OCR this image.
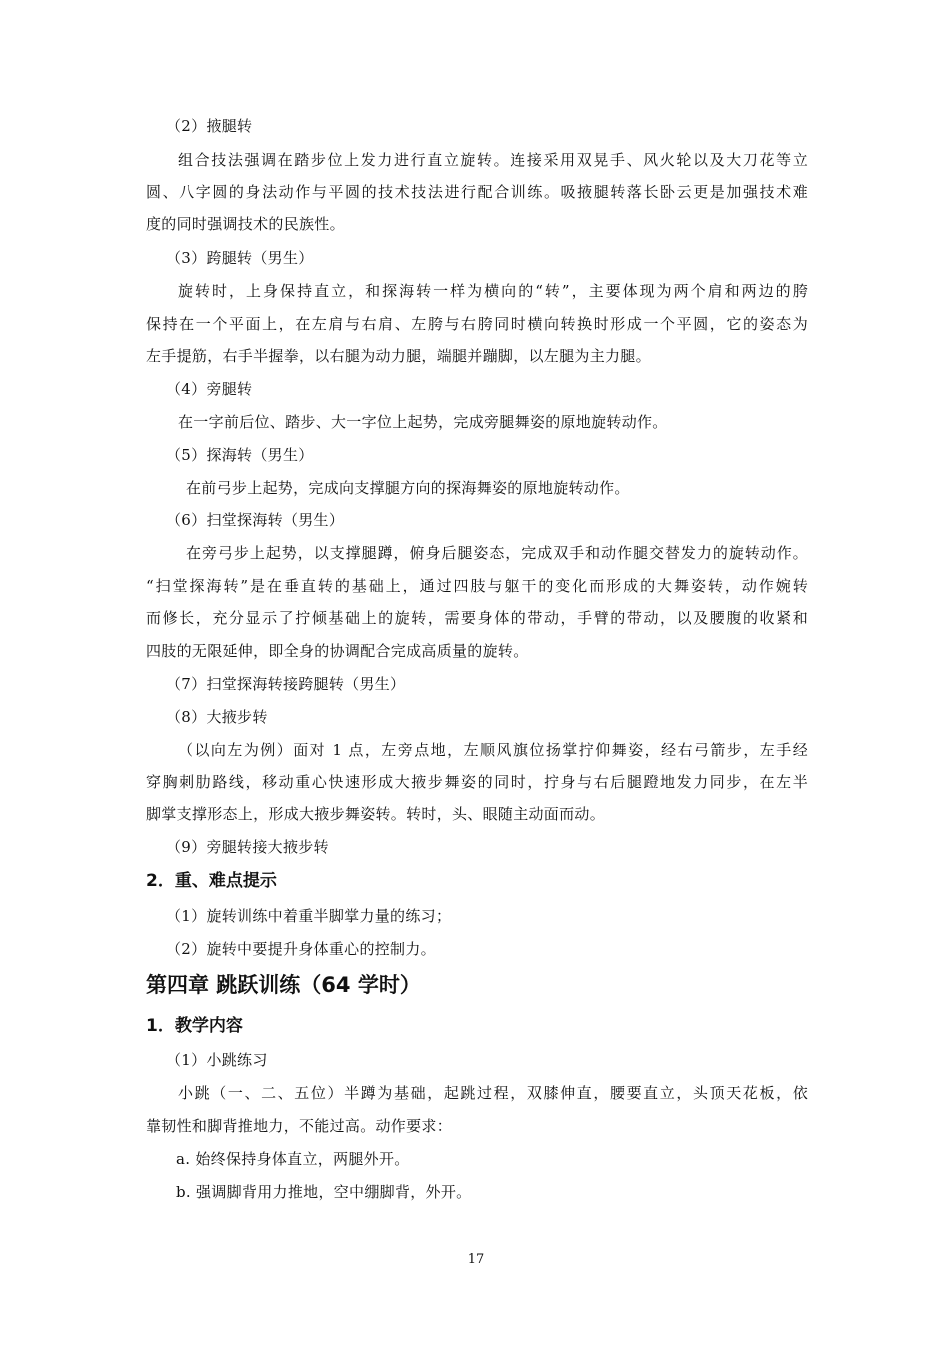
（2）掖腿转
组合技法强调在踏步位上发力进行直立旋转。连接采用双晃手、风火轮以及大刀花等立
圆、八字圆的身法动作与平圆的技术技法进行配合训练。吸掖腿转落长卧云更是加强技术难
度的同时强调技术的民族性。
（3）跨腿转（男生）
旋转时，上身保持直立，和探海转一样为横向的“转”，主要体现为两个肩和两边的胯
保持在一个平面上，在左肩与右肩、左胯与右胯同时横向转换时形成一个平圆，它的姿态为
左手提筋，右手半握拳，以右腿为动力腿，端腿并蹦脚，以左腿为主力腿。
（4）旁腿转
在一字前后位、踏步、大一字位上起势，完成旁腿舞姿的原地旋转动作。
（5）探海转（男生）
在前弓步上起势，完成向支撑腿方向的探海舞姿的原地旋转动作。
（6）扫堂探海转（男生）
在旁弓步上起势，以支撑腿蹲，俯身后腿姿态，完成双手和动作腿交替发力的旋转动作。
“扫堂探海转”是在垂直转的基础上，通过四肢与躯干的变化而形成的大舞姿转，动作婉转
而修长，充分显示了拧倾基础上的旋转，需要身体的带动，手臂的带动，以及腰腹的收紧和
四肢的无限延伸，即全身的协调配合完成高质量的旋转。
（7）扫堂探海转接跨腿转（男生）
（8）大掖步转
（以向左为例）面对 1 点，左旁点地，左顺风旗位扬掌拧仰舞姿，经右弓箭步，左手经
穿胸刺肋路线，移动重心快速形成大掖步舞姿的同时，拧身与右后腿蹬地发力同步，在左半
脚掌支撑形态上，形成大掖步舞姿转。转时，头、眼随主动面而动。
（9）旁腿转接大掖步转
2．重、难点提示
（1）旋转训练中着重半脚掌力量的练习；
（2）旋转中要提升身体重心的控制力。
第四章 跳跃训练（64 学时）
1．教学内容
（1）小跳练习
小跳（一、二、五位）半蹲为基础，起跳过程，双膝伸直，腰要直立，头顶天花板，依
靠韧性和脚背推地力，不能过高。动作要求：
a. 始终保持身体直立，两腿外开。
b. 强调脚背用力推地，空中绷脚背，外开。
17
